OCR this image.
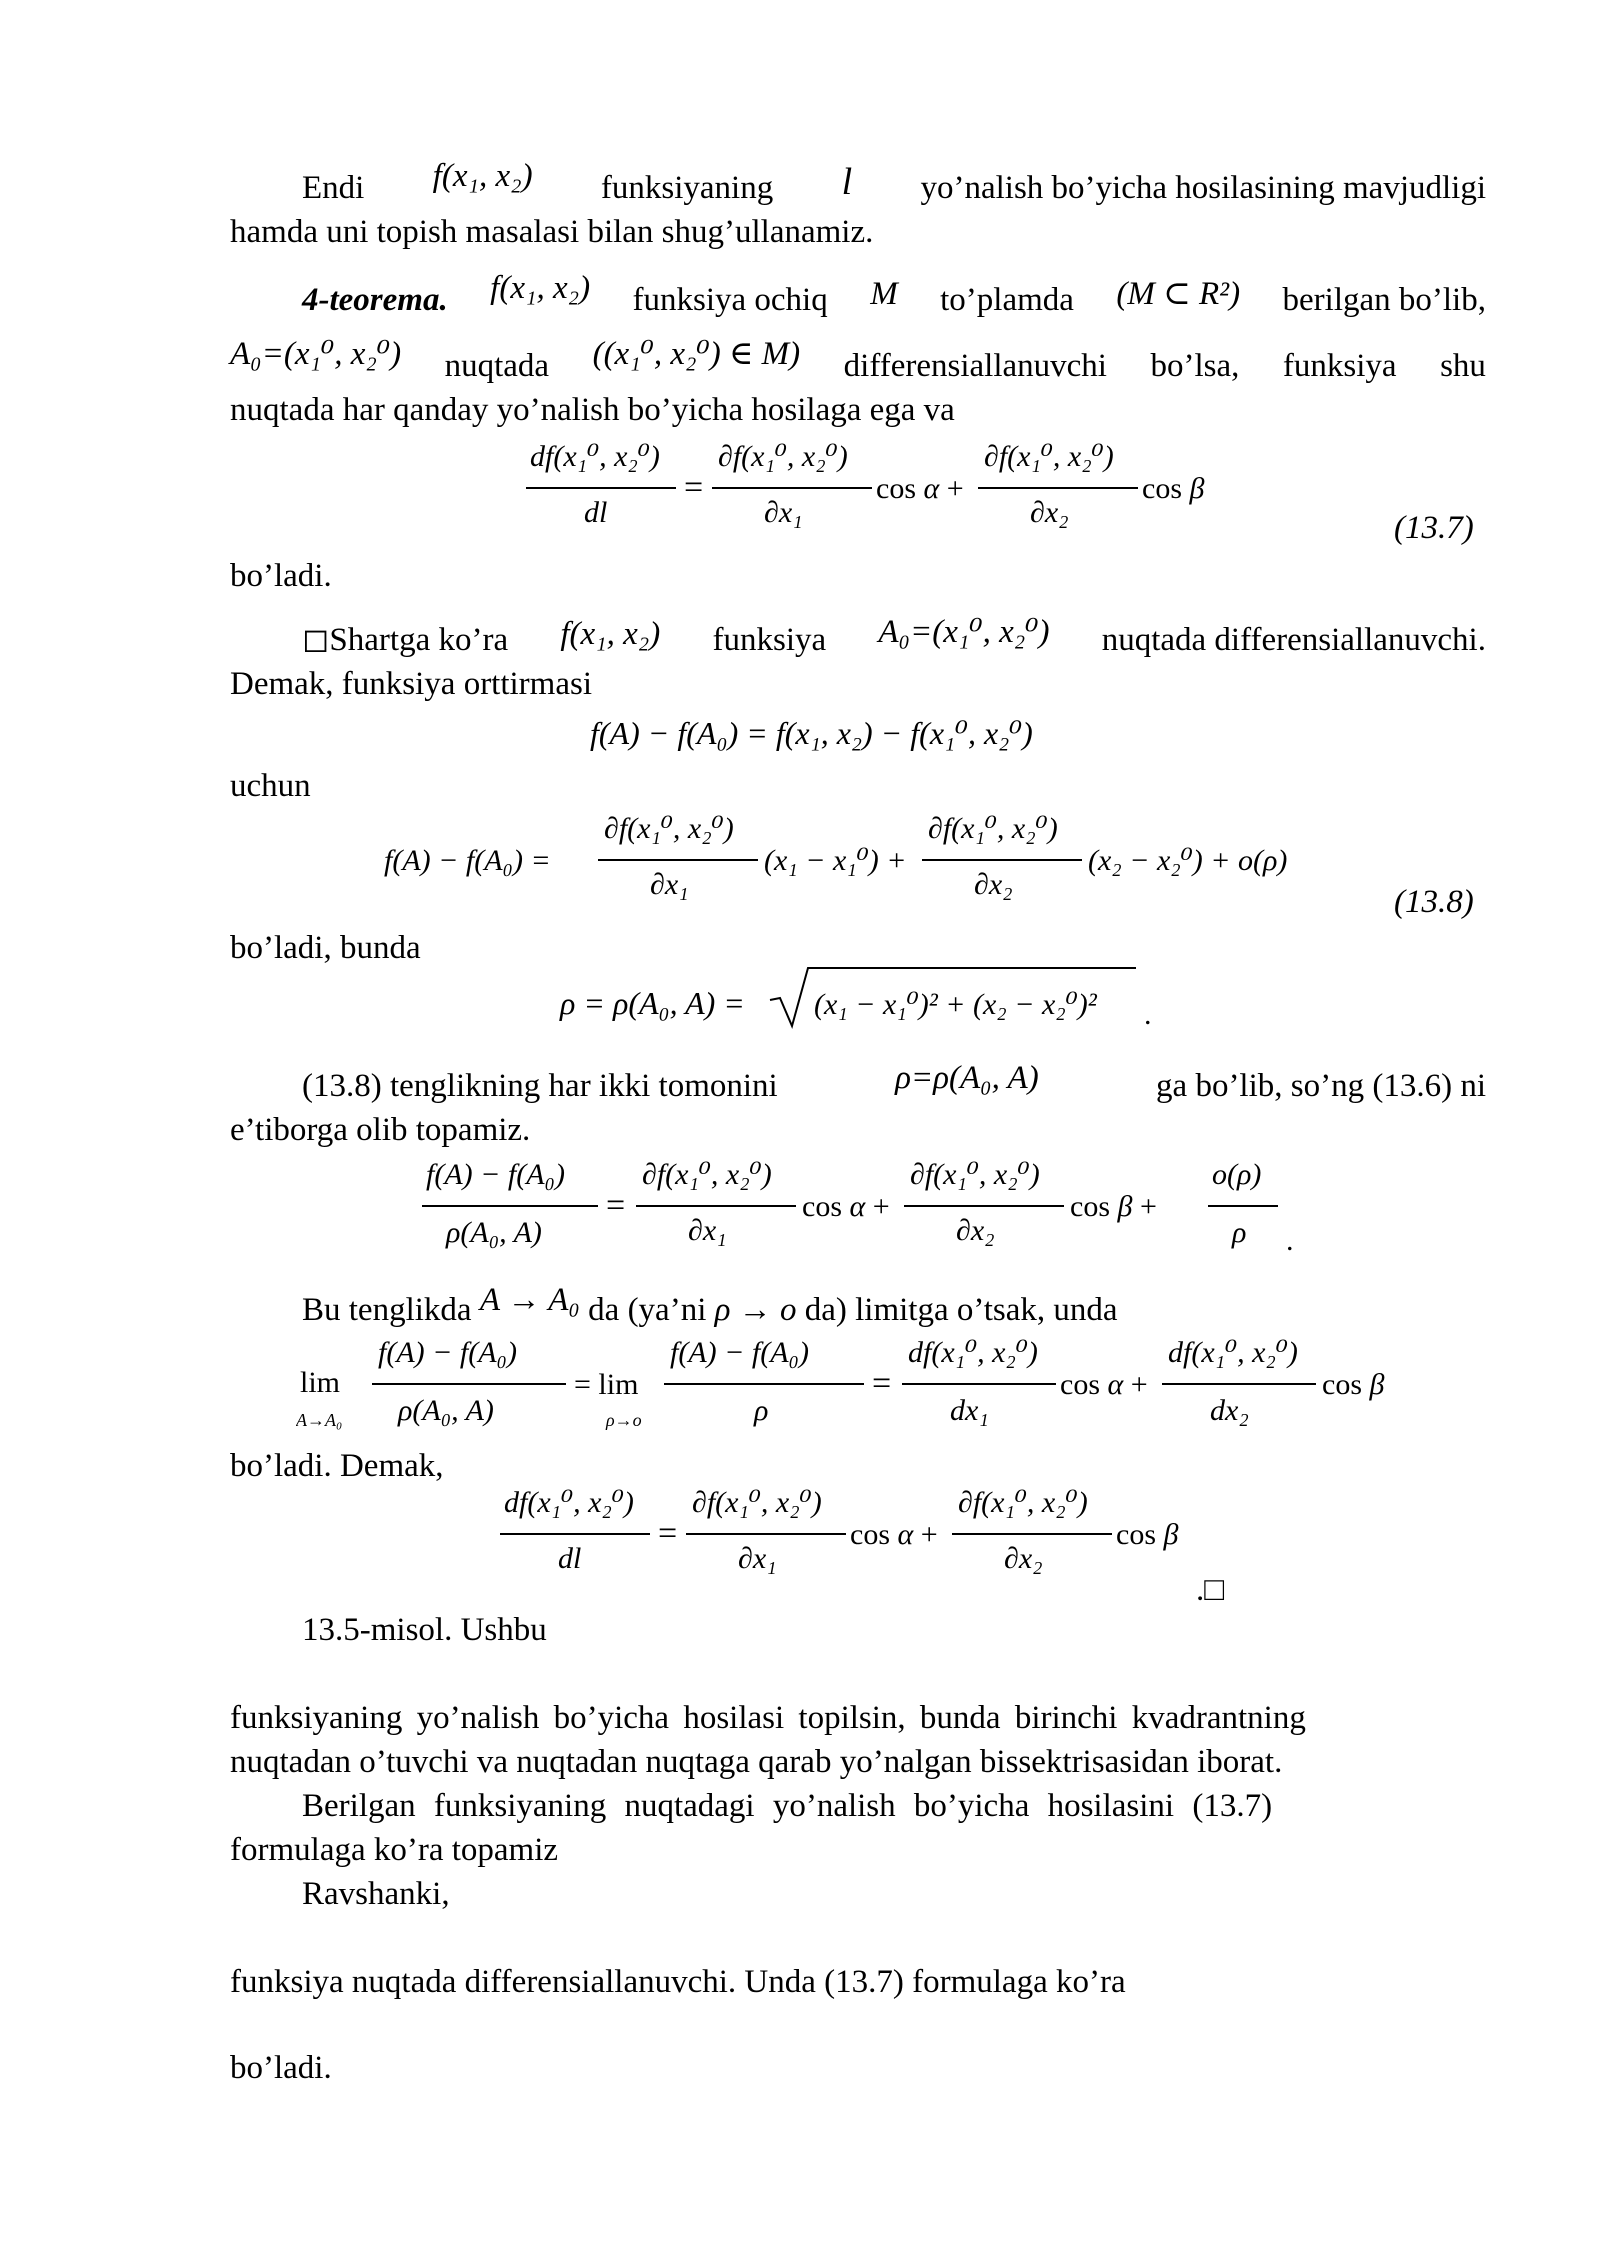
Endi f(x₁, x₂) funksiyaning l yo’nalish bo’yicha hosilasining mavjudligi
hamda uni topish masalasi bilan shug’ullanamiz.
4-teorema. f(x₁, x₂) funksiya ochiq M to’plamda (M ⊂ R²) berilgan bo’lib,
A₀=(x₁⁰, x₂⁰) nuqtada ((x₁⁰, x₂⁰) ∈ M) differensiallanuvchi bo’lsa, funksiya shu
nuqtada har qanday yo’nalish bo’yicha hosilaga ega va
df(x₁⁰, x₂⁰)
dl
=
∂f(x₁⁰, x₂⁰)
∂x₁
cos α +
∂f(x₁⁰, x₂⁰)
∂x₂
cos β
(13.7)
bo’ladi.
◻Shartga ko’ra f(x₁, x₂) funksiya A₀=(x₁⁰, x₂⁰) nuqtada differensiallanuvchi.
Demak, funksiya orttirmasi
f(A) − f(A₀) = f(x₁, x₂) − f(x₁⁰, x₂⁰)
uchun
f(A) − f(A₀) =
∂f(x₁⁰, x₂⁰)
∂x₁
(x₁ − x₁⁰) +
∂f(x₁⁰, x₂⁰)
∂x₂
(x₂ − x₂⁰) + o(ρ)
(13.8)
bo’ladi, bunda
ρ = ρ(A₀, A) = (x₁ − x₁⁰)² + (x₂ − x₂⁰)² .
(13.8) tenglikning har ikki tomonini	ρ=ρ(A₀, A)	ga bo’lib, so’ng (13.6) ni
e’tiborga olib topamiz.
f(A) − f(A₀)
ρ(A₀, A)
=
∂f(x₁⁰, x₂⁰)
∂x₁
cos α +
∂f(x₁⁰, x₂⁰)
∂x₂
cos β +
o(ρ)
ρ .
Bu tenglikda A → A₀ da (ya’ni ρ → o da) limitga o’tsak, unda
lim
A→A₀
f(A) − f(A₀)
ρ(A₀, A)
= lim
ρ→o
f(A) − f(A₀)
ρ
=
df(x₁⁰, x₂⁰)
dx₁
cos α +
df(x₁⁰, x₂⁰)
dx₂
cos β
bo’ladi. Demak,
df(x₁⁰, x₂⁰)
dl
=
∂f(x₁⁰, x₂⁰)
∂x₁
cos α +
∂f(x₁⁰, x₂⁰)
∂x₂
cos β
.□
13.5-misol. Ushbu
funksiyaning yo’nalish bo’yicha hosilasi topilsin, bunda birinchi kvadrantning
nuqtadan o’tuvchi va nuqtadan nuqtaga qarab yo’nalgan bissektrisasidan iborat.
Berilgan funksiyaning nuqtadagi yo’nalish bo’yicha hosilasini (13.7)
formulaga ko’ra topamiz
Ravshanki,
funksiya nuqtada differensiallanuvchi. Unda (13.7) formulaga ko’ra
bo’ladi.
